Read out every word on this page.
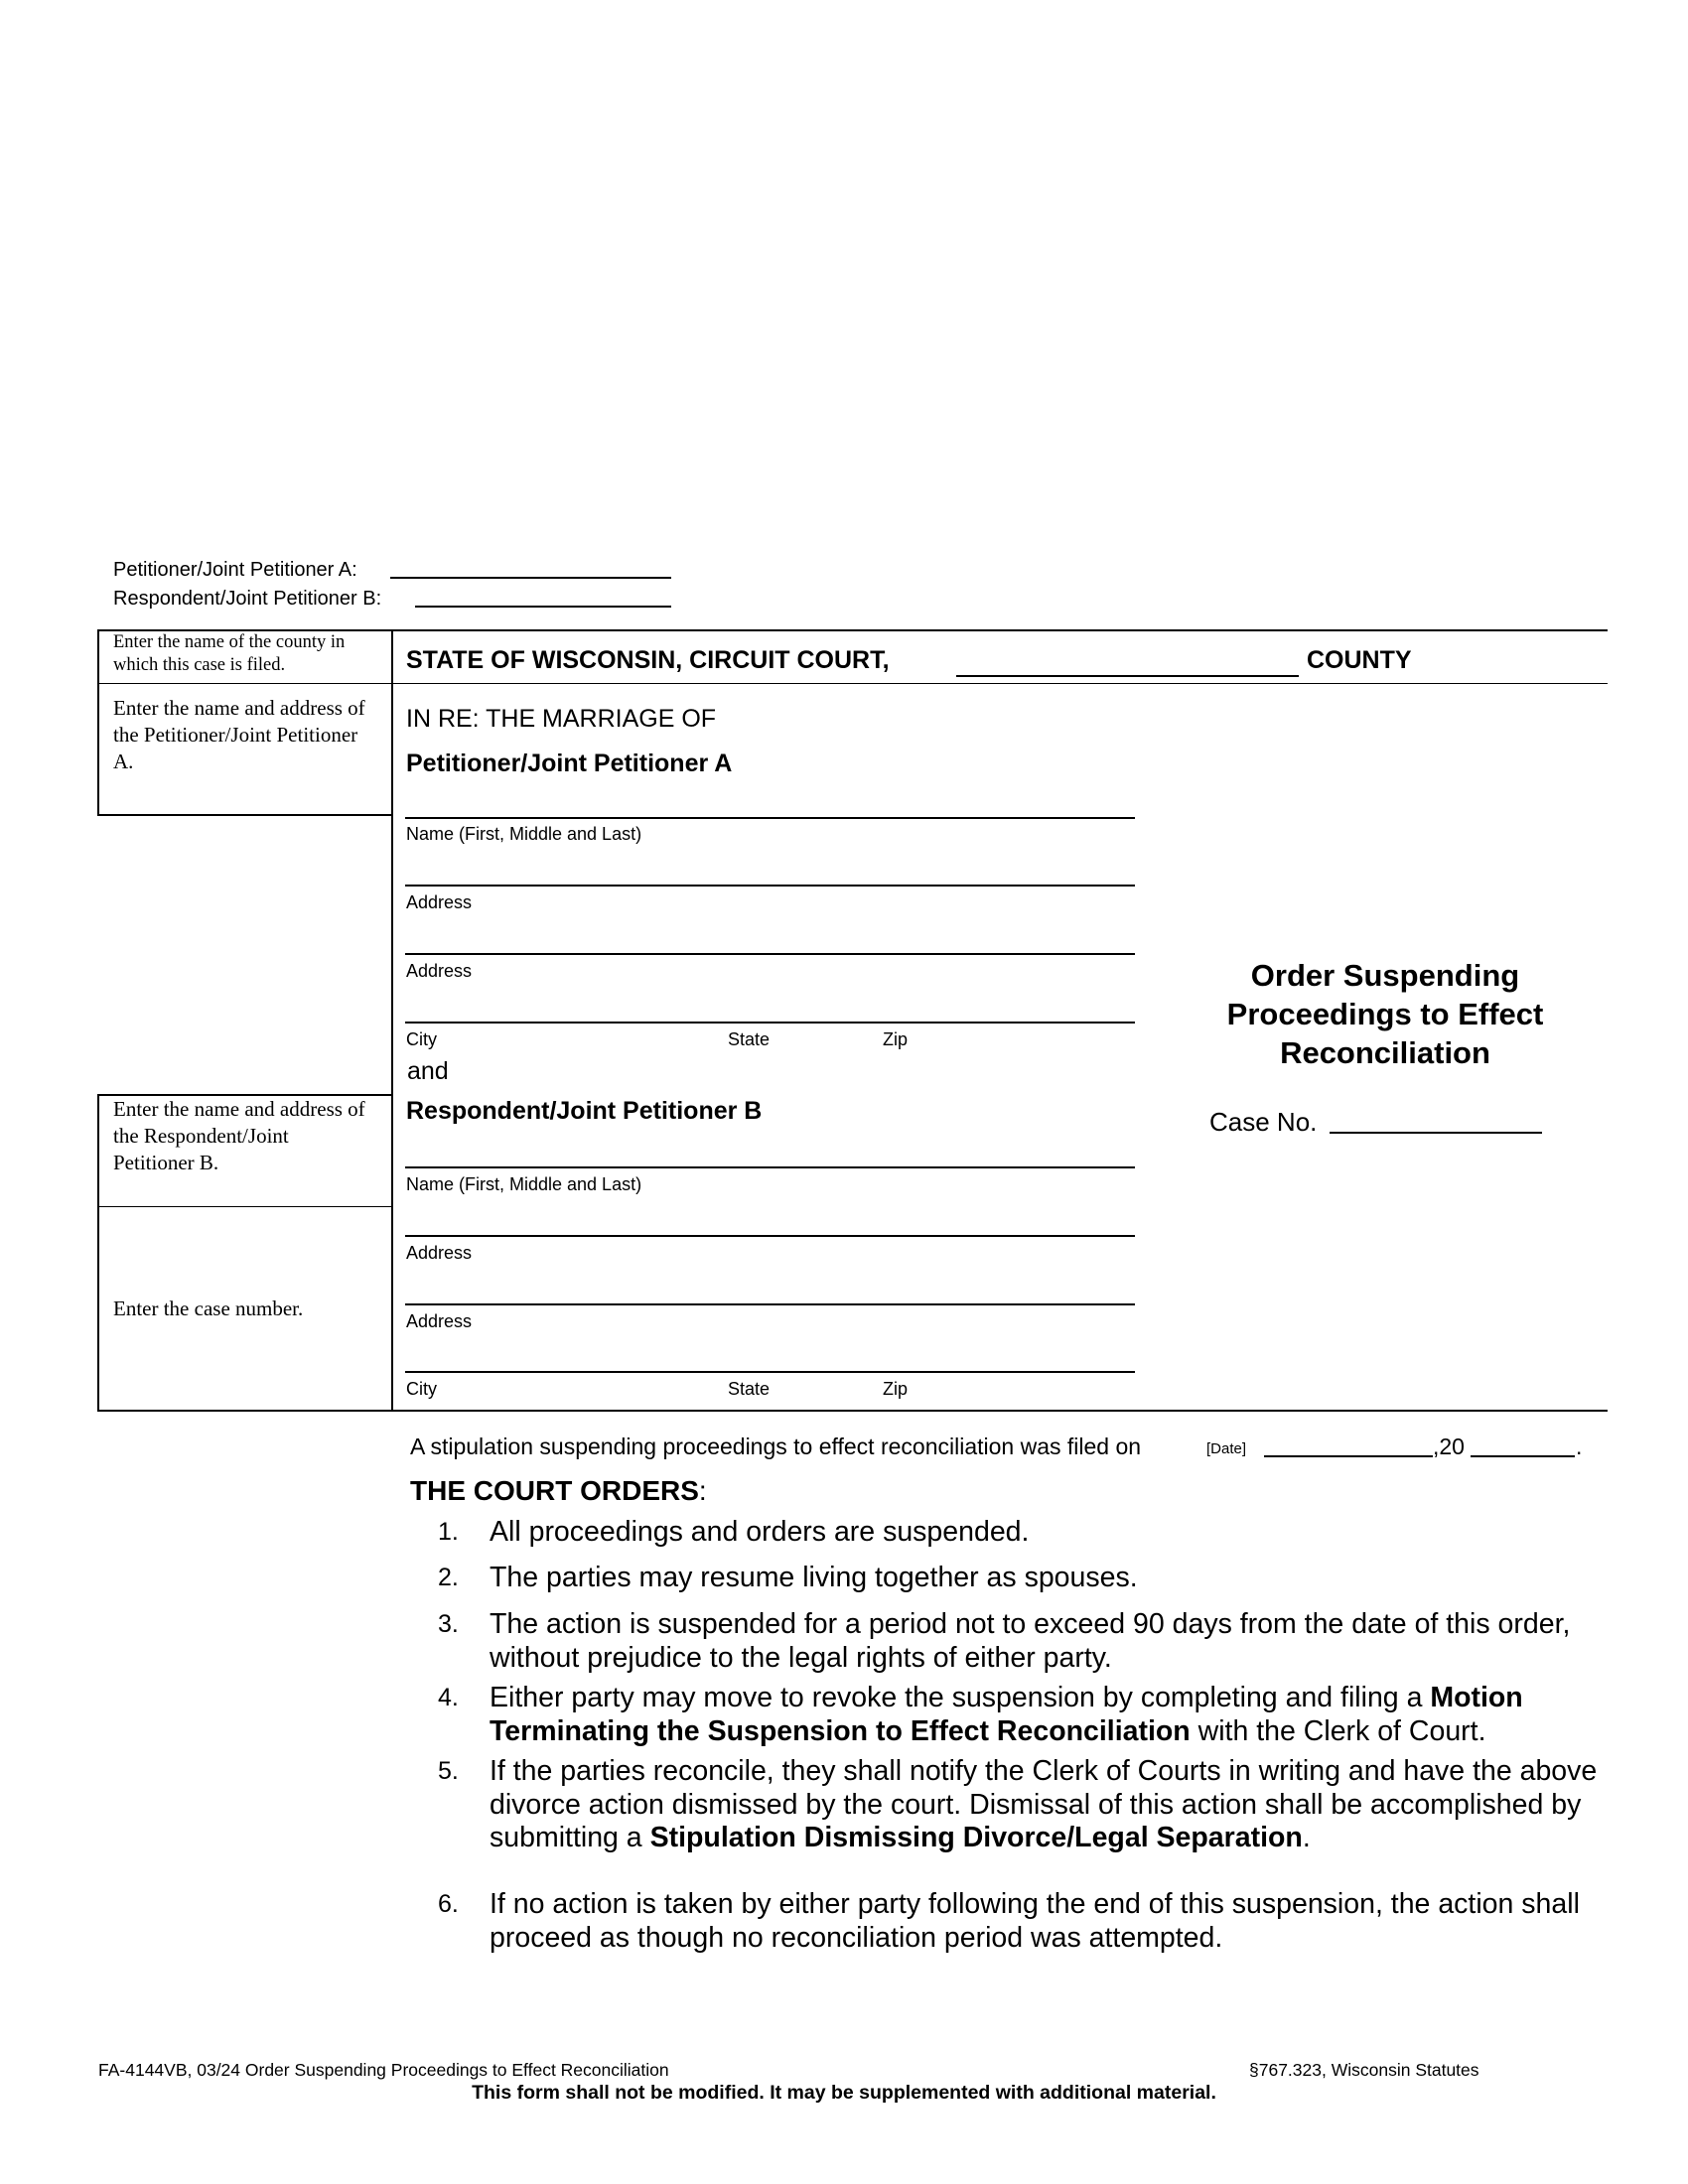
Petitioner/Joint Petitioner A:
Respondent/Joint Petitioner B:
Enter the name of the county in which this case is filed.
Enter the name and address of the Petitioner/Joint Petitioner A.
Enter the name and address of the Respondent/Joint Petitioner B.
Enter the case number.
STATE OF WISCONSIN, CIRCUIT COURT,	COUNTY
IN RE: THE MARRIAGE OF
Petitioner/Joint Petitioner A
Name (First, Middle and Last)
Address
Address
City	State	Zip
and
Respondent/Joint Petitioner B
Name (First, Middle and Last)
Address
Address
City	State	Zip
Order Suspending
Proceedings to Effect
Reconciliation
Case No.
A stipulation suspending proceedings to effect reconciliation was filed on	[Date]	,20	.
THE COURT ORDERS:
1. All proceedings and orders are suspended.
2. The parties may resume living together as spouses.
3. The action is suspended for a period not to exceed 90 days from the date of this order, without prejudice to the legal rights of either party.
4. Either party may move to revoke the suspension by completing and filing a Motion Terminating the Suspension to Effect Reconciliation with the Clerk of Court.
5. If the parties reconcile, they shall notify the Clerk of Courts in writing and have the above divorce action dismissed by the court. Dismissal of this action shall be accomplished by submitting a Stipulation Dismissing Divorce/Legal Separation.
6. If no action is taken by either party following the end of this suspension, the action shall proceed as though no reconciliation period was attempted.
FA-4144VB, 03/24 Order Suspending Proceedings to Effect Reconciliation	§767.323, Wisconsin Statutes
This form shall not be modified. It may be supplemented with additional material.
